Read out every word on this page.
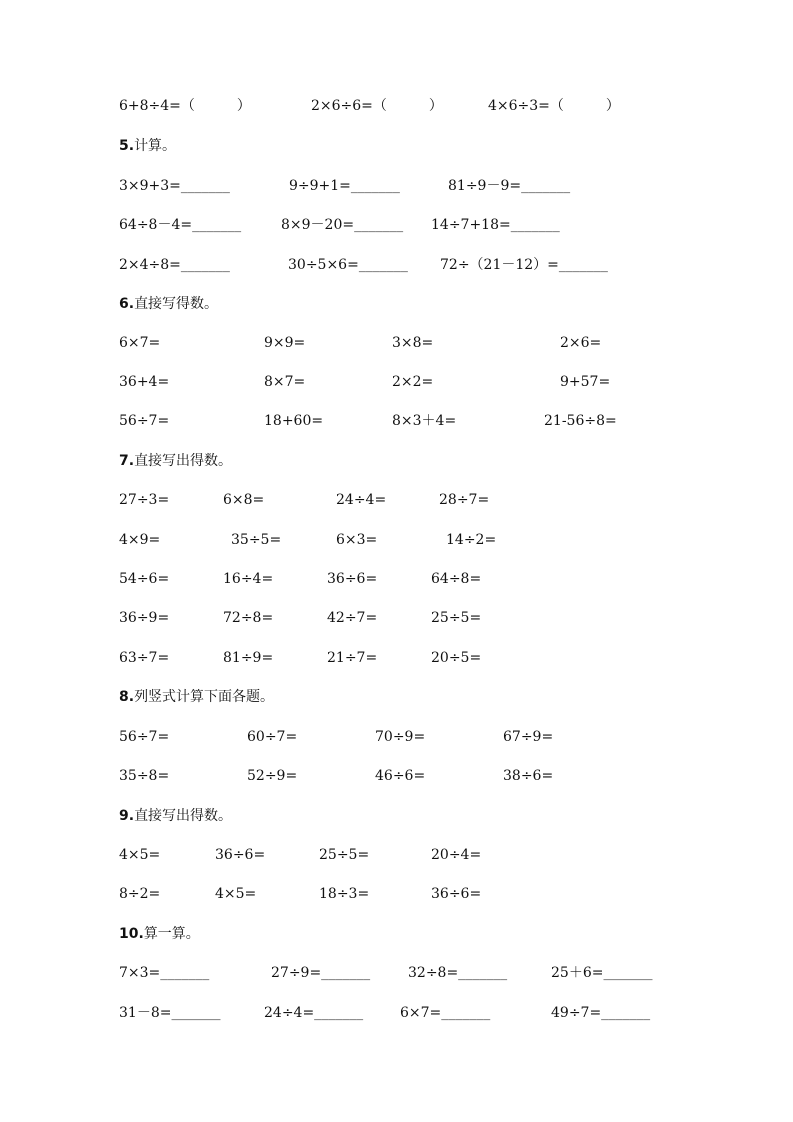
6+8÷4=（　　　）	2×6÷6=（　　　）	4×6÷3=（　　　）
5.计算。
3×9+3=_______	9÷9+1=_______	81÷9－9=_______
64÷8－4=_______	8×9－20=_______ 14÷7+18=_______
2×4÷8=_______	30÷5×6=_______ 72÷（21－12）=_______
6.直接写得数。
6×7=	9×9=	3×8=	2×6=
36+4=	8×7=	2×2=	9+57=
56÷7=	18+60=	8×3＋4=	21-56÷8=
7.直接写出得数。
27÷3=	6×8=	24÷4=	28÷7=
4×9=	35÷5=	6×3=	14÷2=
54÷6=	16÷4=	36÷6=	64÷8=
36÷9=	72÷8=	42÷7=	25÷5=
63÷7=	81÷9=	21÷7=	20÷5=
8.列竖式计算下面各题。
56÷7=	60÷7=	70÷9=	67÷9=
35÷8=	52÷9=	46÷6=	38÷6=
9.直接写出得数。
4×5=	36÷6=	25÷5=	20÷4=
8÷2=	4×5=	18÷3=	36÷6=
10.算一算。
7×3=_______	27÷9=_______	32÷8=_______	25＋6=_______
31－8=_______	24÷4=_______	6×7=_______	49÷7=_______
